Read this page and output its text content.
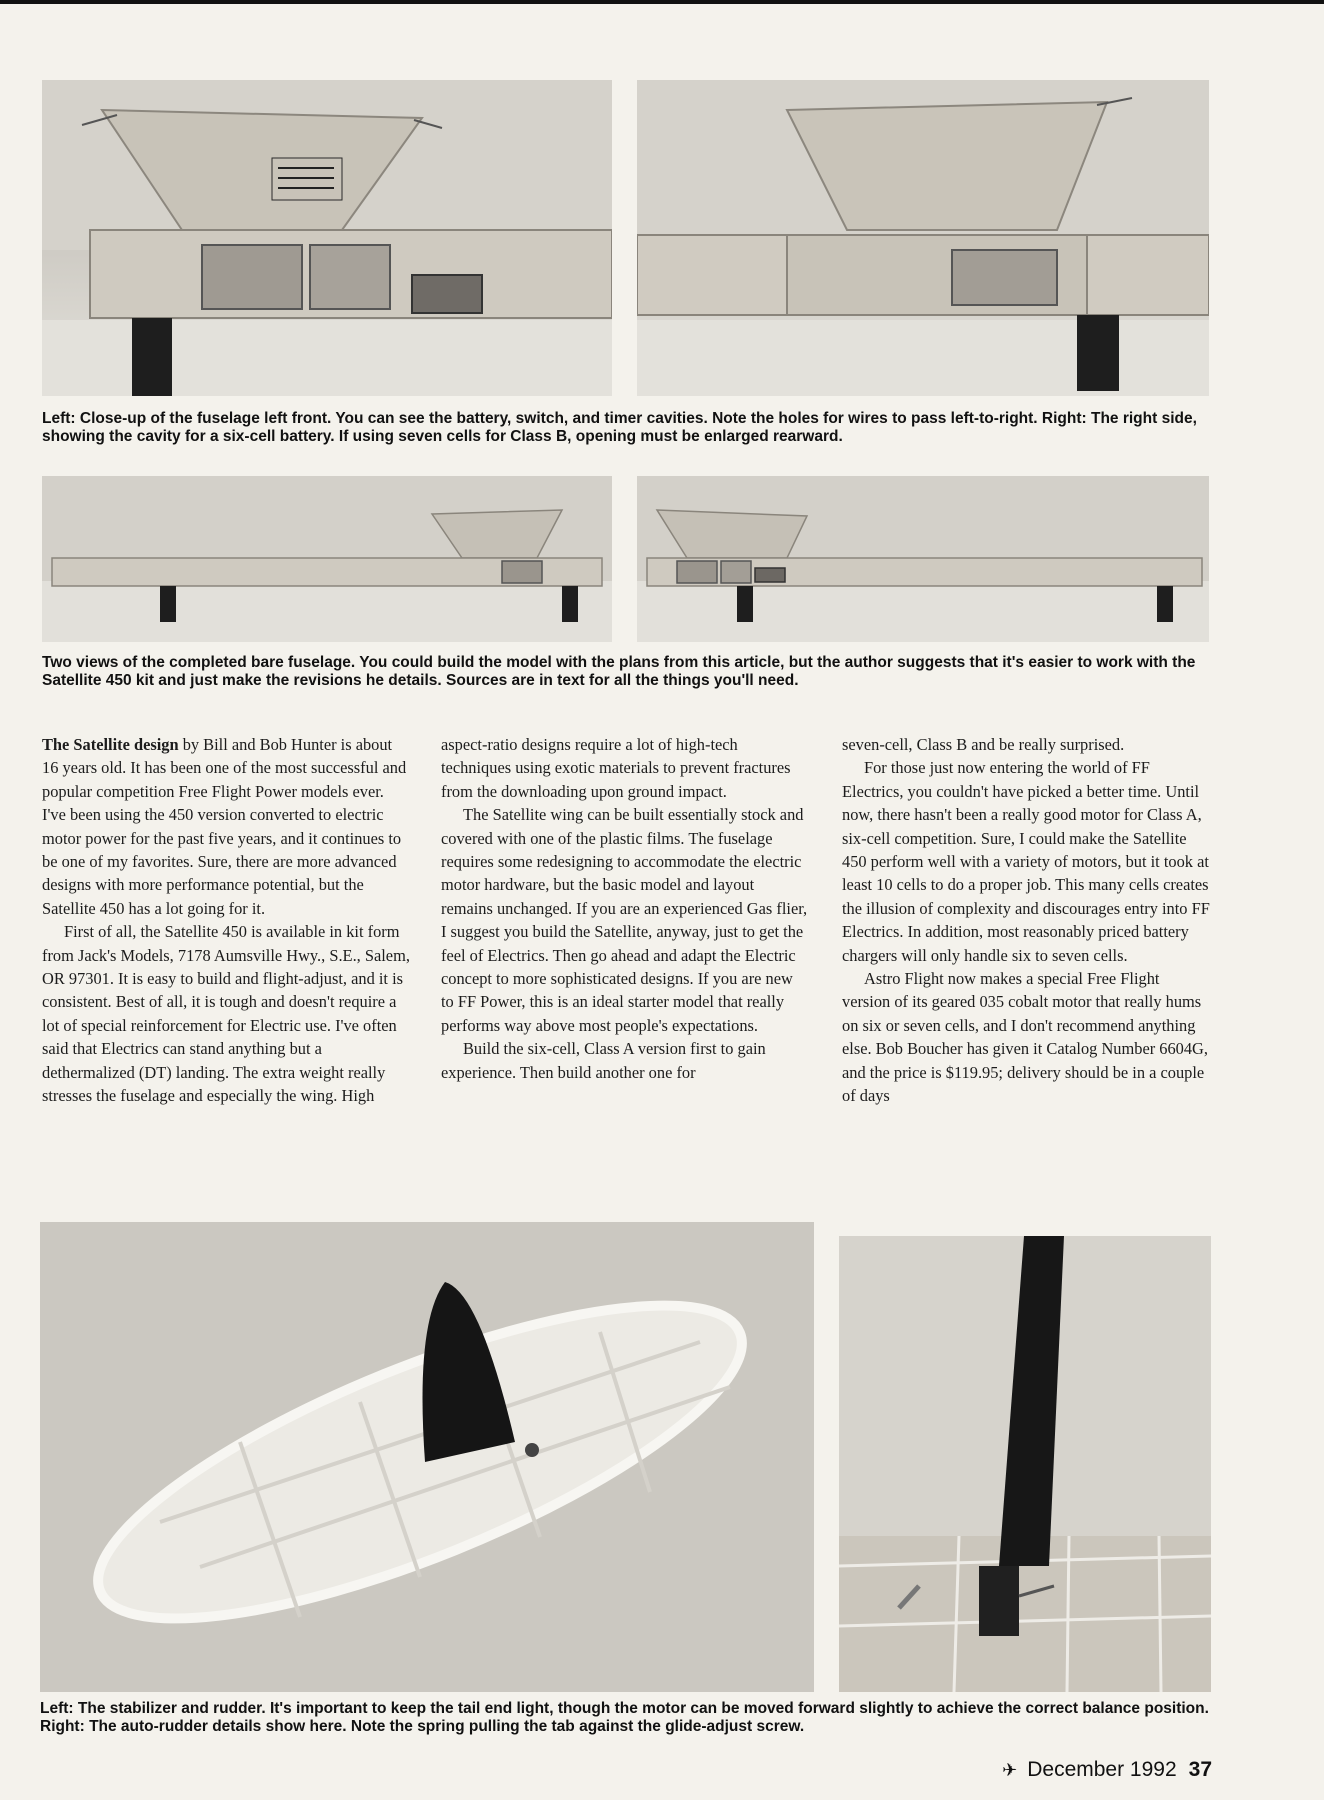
Left: Close-up of the fuselage left front. You can see the battery, switch, and timer cavities. Note the holes for wires to pass left-to-right. Right: The right side, showing the cavity for a six-cell battery. If using seven cells for Class B, opening must be enlarged rearward.
Two views of the completed bare fuselage. You could build the model with the plans from this article, but the author suggests that it's easier to work with the Satellite 450 kit and just make the revisions he details. Sources are in text for all the things you'll need.

The Satellite design by Bill and Bob Hunter is about 16 years old. It has been one of the most successful and popular competition Free Flight Power models ever. I've been using the 450 version converted to electric motor power for the past five years, and it continues to be one of my favorites. Sure, there are more advanced designs with more performance potential, but the Satellite 450 has a lot going for it.

First of all, the Satellite 450 is available in kit form from Jack's Models, 7178 Aumsville Hwy., S.E., Salem, OR 97301. It is easy to build and flight-adjust, and it is consistent. Best of all, it is tough and doesn't require a lot of special reinforcement for Electric use. I've often said that Electrics can stand anything but a dethermalized (DT) landing. The extra weight really stresses the fuselage and especially the wing. High

aspect-ratio designs require a lot of high-tech techniques using exotic materials to prevent fractures from the downloading upon ground impact.

The Satellite wing can be built essentially stock and covered with one of the plastic films. The fuselage requires some redesigning to accommodate the electric motor hardware, but the basic model and layout remains unchanged. If you are an experienced Gas flier, I suggest you build the Satellite, anyway, just to get the feel of Electrics. Then go ahead and adapt the Electric concept to more sophisticated designs. If you are new to FF Power, this is an ideal starter model that really performs way above most people's expectations.

Build the six-cell, Class A version first to gain experience. Then build another one for

seven-cell, Class B and be really surprised.

For those just now entering the world of FF Electrics, you couldn't have picked a better time. Until now, there hasn't been a really good motor for Class A, six-cell competition. Sure, I could make the Satellite 450 perform well with a variety of motors, but it took at least 10 cells to do a proper job. This many cells creates the illusion of complexity and discourages entry into FF Electrics. In addition, most reasonably priced battery chargers will only handle six to seven cells.

Astro Flight now makes a special Free Flight version of its geared 035 cobalt motor that really hums on six or seven cells, and I don't recommend anything else. Bob Boucher has given it Catalog Number 6604G, and the price is $119.95; delivery should be in a couple of days

Left: The stabilizer and rudder. It's important to keep the tail end light, though the motor can be moved forward slightly to achieve the correct balance position. Right: The auto-rudder details show here. Note the spring pulling the tab against the glide-adjust screw.
✈ December 1992 37
